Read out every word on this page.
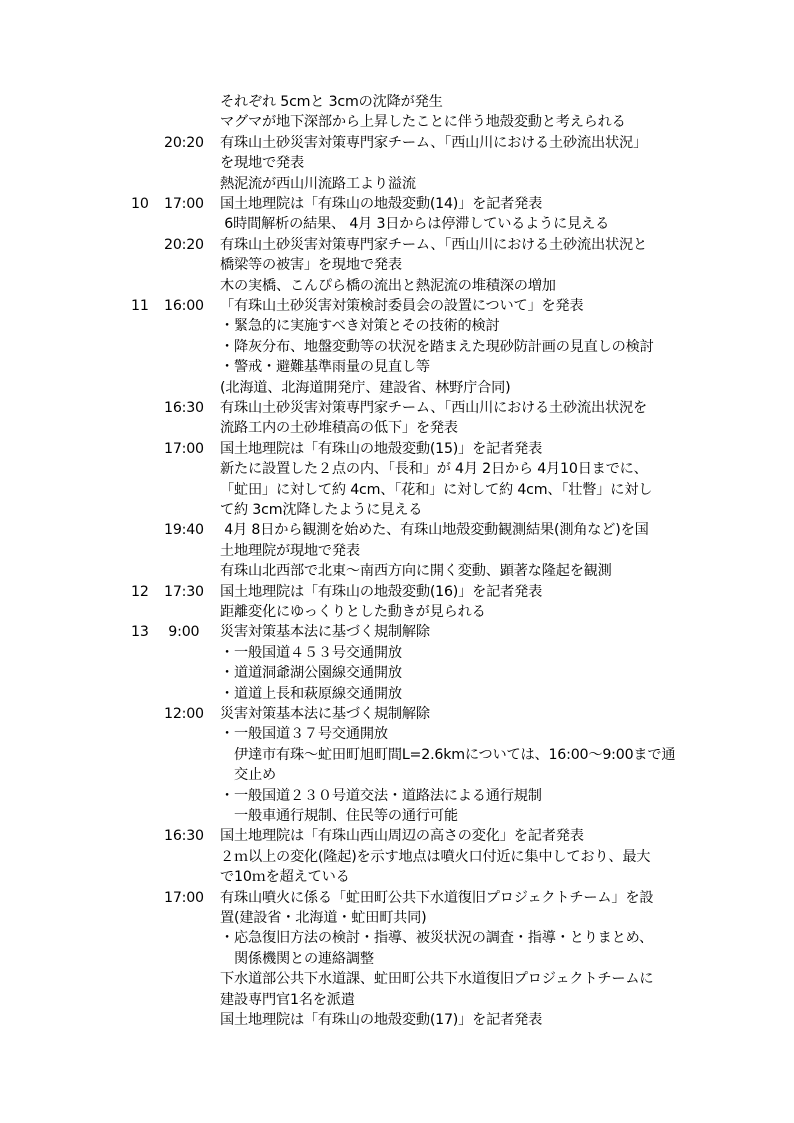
それぞれ 5cmと 3cmの沈降が発生
マグマが地下深部から上昇したことに伴う地殻変動と考えられる
20:20	有珠山土砂災害対策専門家チーム、「西山川における土砂流出状況」
を現地で発表
熱泥流が西山川流路工より溢流
10	17:00	国土地理院は「有珠山の地殻変動(14)」を記者発表
6時間解析の結果、 4月 3日からは停滞しているように見える
20:20	有珠山土砂災害対策専門家チーム、「西山川における土砂流出状況と
橋梁等の被害」を現地で発表
木の実橋、こんぴら橋の流出と熱泥流の堆積深の増加
11	16:00	「有珠山土砂災害対策検討委員会の設置について」を発表
・緊急的に実施すべき対策とその技術的検討
・降灰分布、地盤変動等の状況を踏まえた現砂防計画の見直しの検討
・警戒・避難基準雨量の見直し等
(北海道、北海道開発庁、建設省、林野庁合同)
16:30	有珠山土砂災害対策専門家チーム、「西山川における土砂流出状況を
流路工内の土砂堆積高の低下」を発表
17:00	国土地理院は「有珠山の地殻変動(15)」を記者発表
新たに設置した２点の内、「長和」が 4月 2日から 4月10日までに、
「虻田」に対して約 4cm、「花和」に対して約 4cm、「壮瞥」に対し
て約 3cm沈降したように見える
19:40	4月 8日から観測を始めた、有珠山地殻変動観測結果(測角など)を国
土地理院が現地で発表
有珠山北西部で北東～南西方向に開く変動、顕著な隆起を観測
12	17:30	国土地理院は「有珠山の地殻変動(16)」を記者発表
距離変化にゆっくりとした動きが見られる
13	9:00	災害対策基本法に基づく規制解除
・一般国道４５３号交通開放
・道道洞爺湖公園線交通開放
・道道上長和萩原線交通開放
12:00	災害対策基本法に基づく規制解除
・一般国道３７号交通開放
伊達市有珠～虻田町旭町間L=2.6kmについては、16:00～9:00まで通
交止め
・一般国道２３０号道交法・道路法による通行規制
一般車通行規制、住民等の通行可能
16:30	国土地理院は「有珠山西山周辺の高さの変化」を記者発表
２ｍ以上の変化(隆起)を示す地点は噴火口付近に集中しており、最大
で10ｍを超えている
17:00	有珠山噴火に係る「虻田町公共下水道復旧プロジェクトチーム」を設
置(建設省・北海道・虻田町共同)
・応急復旧方法の検討・指導、被災状況の調査・指導・とりまとめ、
関係機関との連絡調整
下水道部公共下水道課、虻田町公共下水道復旧プロジェクトチームに
建設専門官1名を派遣
国土地理院は「有珠山の地殻変動(17)」を記者発表
